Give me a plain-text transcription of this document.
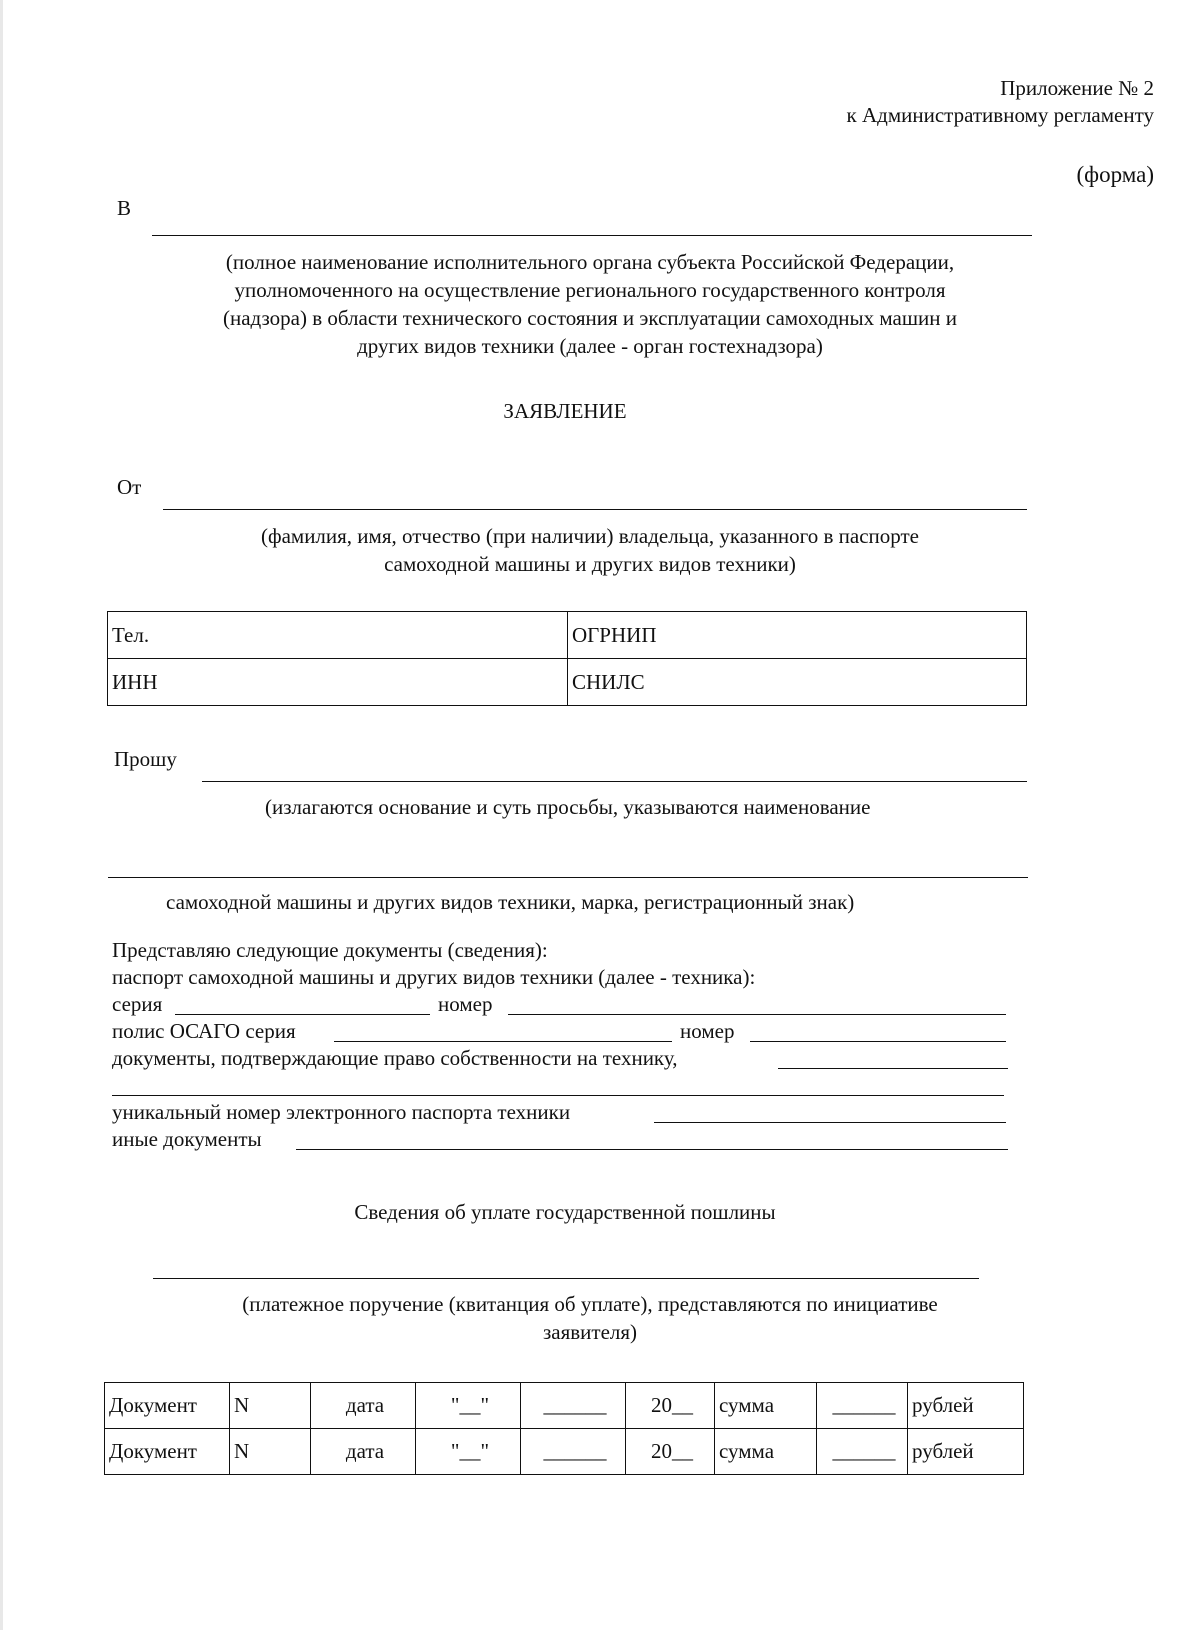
Приложение № 2
к Административному регламенту
(форма)
В
(полное наименование исполнительного органа субъекта Российской Федерации,
уполномоченного на осуществление регионального государственного контроля
(надзора) в области технического состояния и эксплуатации самоходных машин и
других видов техники (далее - орган гостехнадзора)
ЗАЯВЛЕНИЕ
От
(фамилия, имя, отчество (при наличии) владельца, указанного в паспорте
самоходной машины и других видов техники)
Тел.	ОГРНИП
ИНН	СНИЛС
Прошу
(излагаются основание и суть просьбы, указываются наименование
самоходной машины и других видов техники, марка, регистрационный знак)
Представляю следующие документы (сведения):
паспорт самоходной машины и других видов техники (далее - техника):
серия	номер
полис ОСАГО серия	номер
документы, подтверждающие право собственности на технику,
уникальный номер электронного паспорта техники
иные документы
Сведения об уплате государственной пошлины
(платежное поручение (квитанция об уплате), представляются по инициативе
заявителя)
Документ	N	дата	"__"	______	20__	сумма	______	рублей
Документ	N	дата	"__"	______	20__	сумма	______	рублей
